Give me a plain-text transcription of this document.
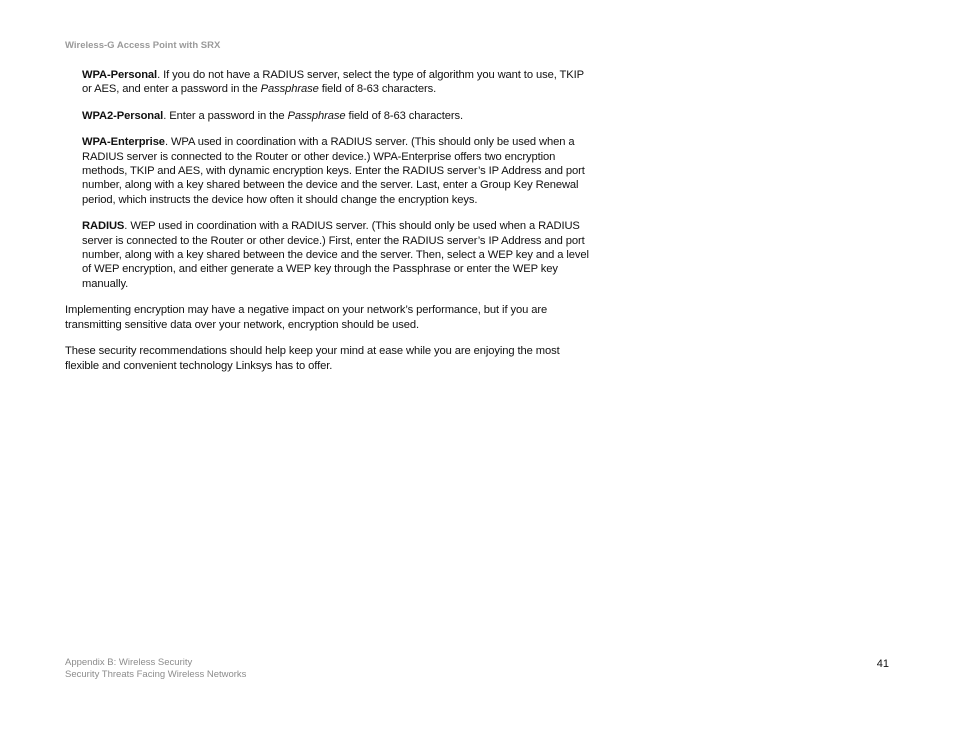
Wireless-G Access Point with SRX

WPA-Personal. If you do not have a RADIUS server, select the type of algorithm you want to use, TKIP or AES, and enter a password in the Passphrase field of 8-63 characters.

WPA2-Personal. Enter a password in the Passphrase field of 8-63 characters.

WPA-Enterprise. WPA used in coordination with a RADIUS server. (This should only be used when a RADIUS server is connected to the Router or other device.) WPA-Enterprise offers two encryption methods, TKIP and AES, with dynamic encryption keys. Enter the RADIUS server’s IP Address and port number, along with a key shared between the device and the server. Last, enter a Group Key Renewal period, which instructs the device how often it should change the encryption keys.

RADIUS. WEP used in coordination with a RADIUS server. (This should only be used when a RADIUS server is connected to the Router or other device.) First, enter the RADIUS server’s IP Address and port number, along with a key shared between the device and the server. Then, select a WEP key and a level of WEP encryption, and either generate a WEP key through the Passphrase or enter the WEP key manually.

Implementing encryption may have a negative impact on your network’s performance, but if you are transmitting sensitive data over your network, encryption should be used.

These security recommendations should help keep your mind at ease while you are enjoying the most flexible and convenient technology Linksys has to offer.

Appendix B: Wireless Security
Security Threats Facing Wireless Networks
41
